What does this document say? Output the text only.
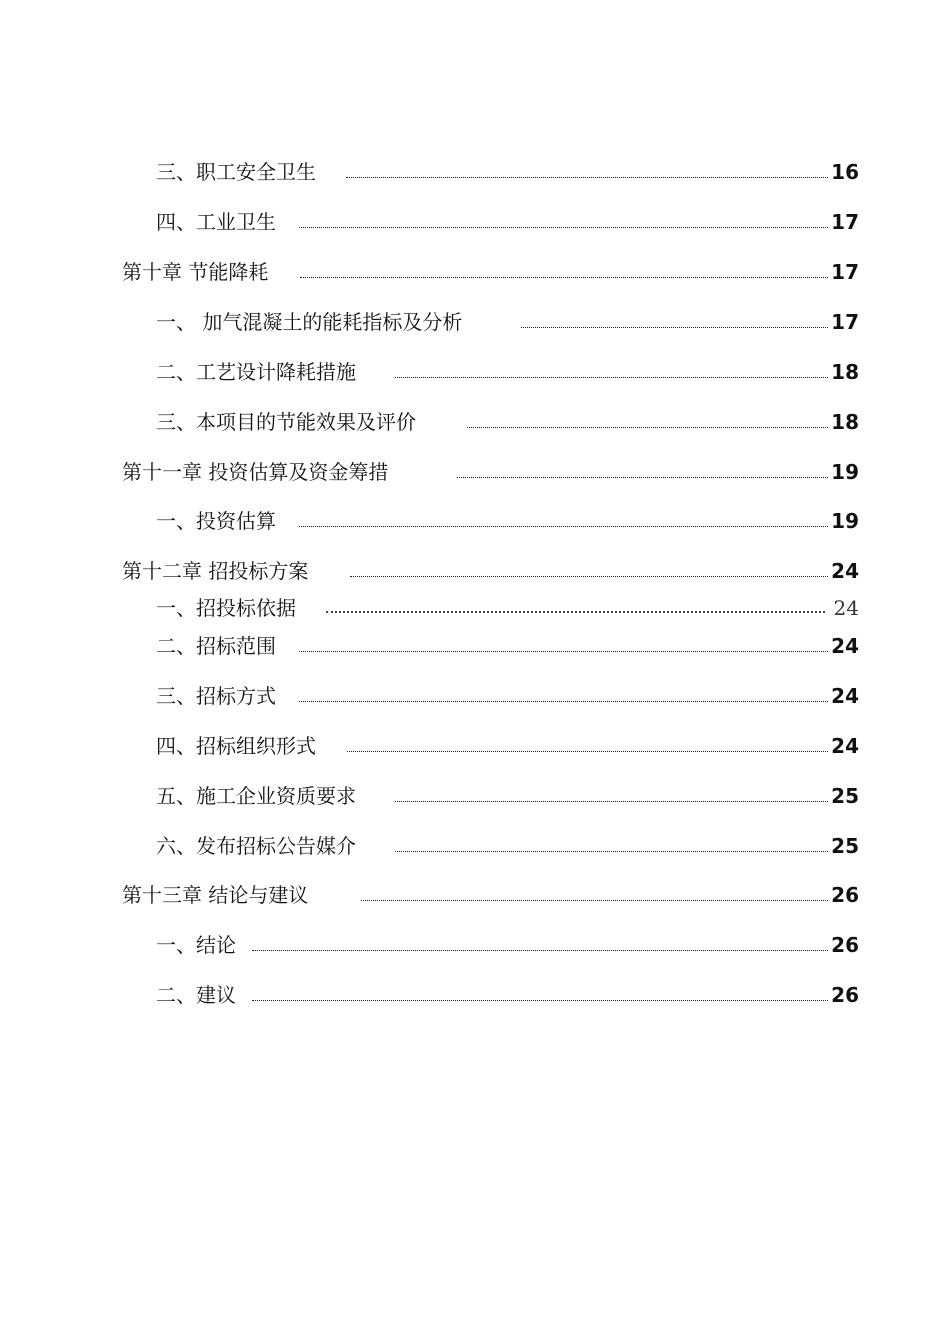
三、职工安全卫生	16
四、工业卫生	17
第十章 节能降耗	17
一、 加气混凝土的能耗指标及分析	17
二、工艺设计降耗措施	18
三、本项目的节能效果及评价	18
第十一章 投资估算及资金筹措	19
一、投资估算	19
第十二章 招投标方案	24
一、招投标依据	24
二、招标范围	24
三、招标方式	24
四、招标组织形式	24
五、施工企业资质要求	25
六、发布招标公告媒介	25
第十三章 结论与建议	26
一、结论	26
二、建议	26
